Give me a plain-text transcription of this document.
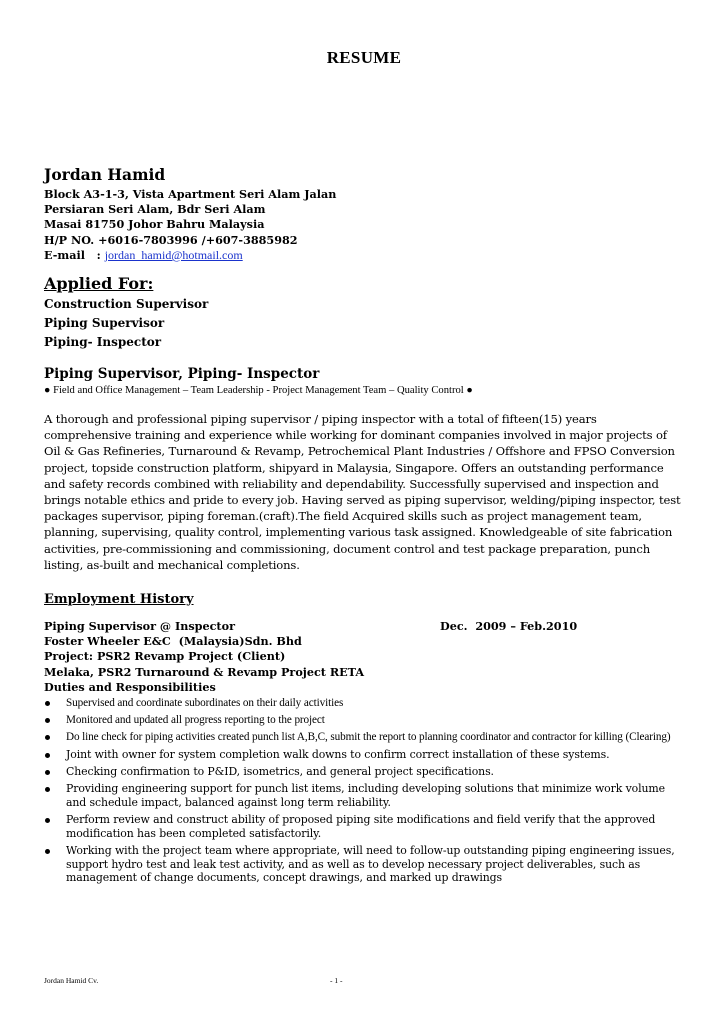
RESUME
Jordan Hamid
Block A3-1-3, Vista Apartment Seri Alam Jalan
Persiaran Seri Alam, Bdr Seri Alam
Masai 81750 Johor Bahru Malaysia
H/P NO. +6016-7803996 /+607-3885982
E-mail   : jordan_hamid@hotmail.com
Applied For:
Construction Supervisor
Piping Supervisor
Piping- Inspector
Piping Supervisor, Piping- Inspector
● Field and Office Management – Team Leadership - Project Management Team – Quality Control ●
A thorough and professional piping supervisor / piping inspector with a total of fifteen(15) years comprehensive training and experience while working for dominant companies involved in major projects of Oil & Gas Refineries, Turnaround & Revamp, Petrochemical Plant Industries / Offshore and FPSO Conversion project, topside construction platform, shipyard in Malaysia, Singapore. Offers an outstanding performance and safety records combined with reliability and dependability. Successfully supervised and inspection and brings notable ethics and pride to every job. Having served as piping supervisor, welding/piping inspector, test packages supervisor, piping foreman.(craft).The field Acquired skills such as project management team, planning, supervising, quality control, implementing various task assigned. Knowledgeable of site fabrication activities, pre-commissioning and commissioning, document control and test package preparation, punch listing, as-built and mechanical completions.
Employment History
Piping Supervisor @ Inspector	Dec.  2009 – Feb.2010
Foster Wheeler E&C  (Malaysia)Sdn. Bhd
Project: PSR2 Revamp Project (Client)
Melaka, PSR2 Turnaround & Revamp Project RETA
Duties and Responsibilities
Supervised and coordinate subordinates on their daily activities
Monitored and updated all progress reporting to the project
Do line check for piping activities created punch list A,B,C, submit the report to planning coordinator and contractor for killing (Clearing)
Joint with owner for system completion walk downs to confirm correct installation of these systems.
Checking confirmation to P&ID, isometrics, and general project specifications.
Providing engineering support for punch list items, including developing solutions that minimize work volume and schedule impact, balanced against long term reliability.
Perform review and construct ability of proposed piping site modifications and field verify that the approved modification has been completed satisfactorily.
Working with the project team where appropriate, will need to follow-up outstanding piping engineering issues, support hydro test and leak test activity, and as well as to develop necessary project deliverables, such as management of change documents, concept drawings, and marked up drawings
Jordan Hamid Cv.	- 1 -
